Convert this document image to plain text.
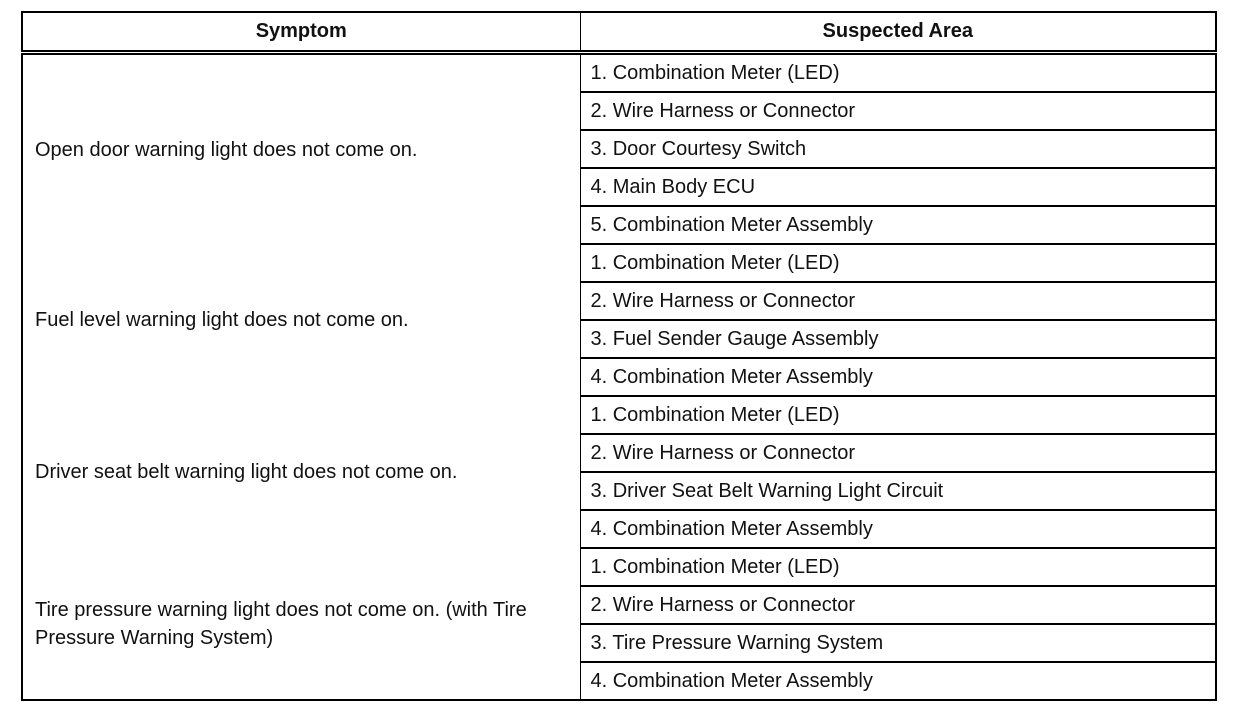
Symptom	Suspected Area
Open door warning light does not come on.	1. Combination Meter (LED)
	2. Wire Harness or Connector
	3. Door Courtesy Switch
	4. Main Body ECU
	5. Combination Meter Assembly
Fuel level warning light does not come on.	1. Combination Meter (LED)
	2. Wire Harness or Connector
	3. Fuel Sender Gauge Assembly
	4. Combination Meter Assembly
Driver seat belt warning light does not come on.	1. Combination Meter (LED)
	2. Wire Harness or Connector
	3. Driver Seat Belt Warning Light Circuit
	4. Combination Meter Assembly
Tire pressure warning light does not come on. (with Tire Pressure Warning System)	1. Combination Meter (LED)
	2. Wire Harness or Connector
	3. Tire Pressure Warning System
	4. Combination Meter Assembly
